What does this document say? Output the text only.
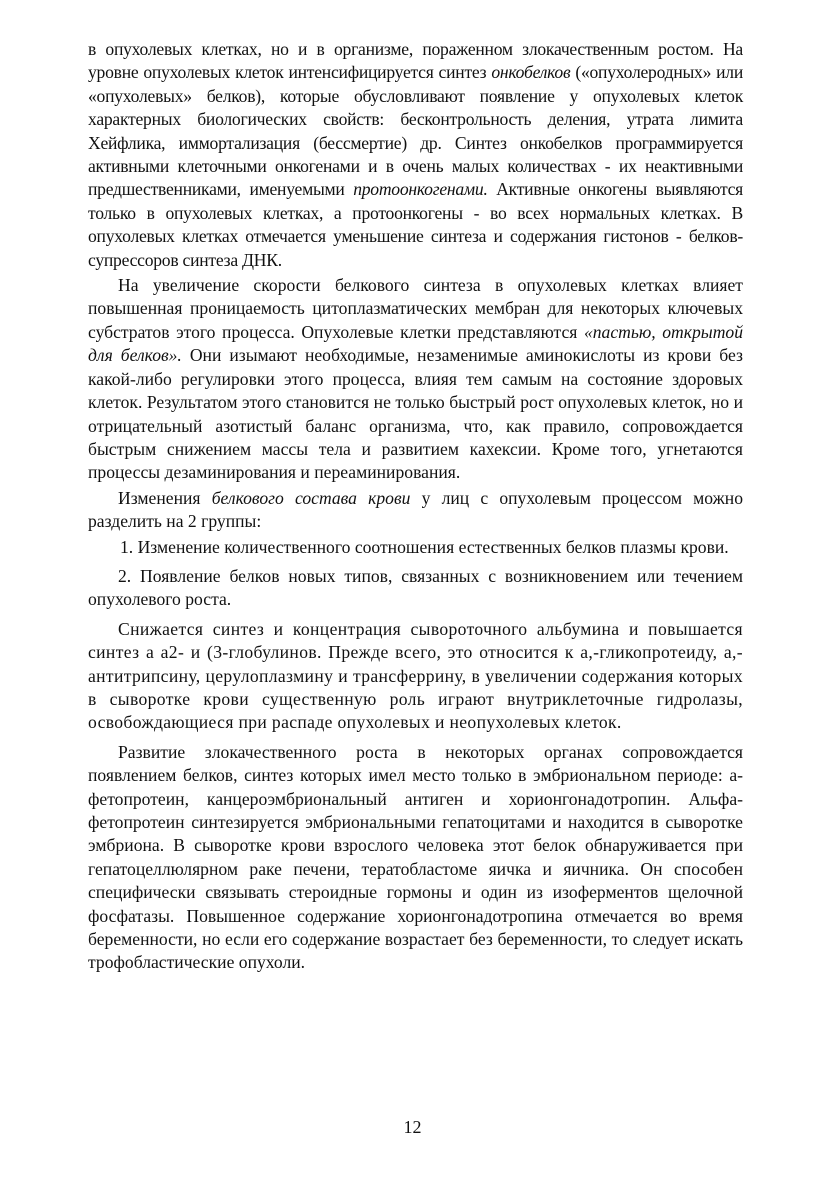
в опухолевых клетках, но и в организме, пораженном злокачественным ростом. На уровне опухолевых клеток интенсифицируется синтез онкобелков («опухолеродных» или «опухолевых» белков), которые обусловливают появление у опухолевых клеток характерных биологических свойств: бесконтрольность деления, утрата лимита Хейфлика, иммортализация (бессмертие) др. Синтез онкобелков программируется активными клеточными онкогенами и в очень малых количествах - их неактивными предшественниками, именуемыми протоонкогенами. Активные онкогены выявляются только в опухолевых клетках, а протоонкогены - во всех нормальных клетках. В опухолевых клетках отмечается уменьшение синтеза и содержания гистонов - белков-супрессоров синтеза ДНК.

На увеличение скорости белкового синтеза в опухолевых клетках влияет повышенная проницаемость цитоплазматических мембран для некоторых ключевых субстратов этого процесса. Опухолевые клетки представляются «пастью, открытой для белков». Они изымают необходимые, незаменимые аминокислоты из крови без какой-либо регулировки этого процесса, влияя тем самым на состояние здоровых клеток. Результатом этого становится не только быстрый рост опухолевых клеток, но и отрицательный азотистый баланс организма, что, как правило, сопровождается быстрым снижением массы тела и развитием кахексии. Кроме того, угнетаются процессы дезаминирования и переаминирования.

Изменения белкового состава крови у лиц с опухолевым процессом можно разделить на 2 группы:

1. Изменение количественного соотношения естественных белков плазмы крови.

2. Появление белков новых типов, связанных с возникновением или течением опухолевого роста.

Снижается синтез и концентрация сывороточного альбумина и повышается синтез а а2- и (3-глобулинов. Прежде всего, это относится к а,-гликопротеиду, а,-антитрипсину, церулоплазмину и трансферрину, в увеличении содержания которых в сыворотке крови существенную роль играют внутриклеточные гидролазы, освобождающиеся при распаде опухолевых и неопухолевых клеток.

Развитие злокачественного роста в некоторых органах сопровождается появлением белков, синтез которых имел место только в эмбриональном периоде: а-фетопротеин, канцероэмбриональный антиген и хорионгонадотропин. Альфа-фетопротеин синтезируется эмбриональными гепатоцитами и находится в сыворотке эмбриона. В сыворотке крови взрослого человека этот белок обнаруживается при гепатоцеллюлярном раке печени, тератобластоме яичка и яичника. Он способен специфически связывать стероидные гормоны и один из изоферментов щелочной фосфатазы. Повышенное содержание хорионгонадотропина отмечается во время беременности, но если его содержание возрастает без беременности, то следует искать трофобластические опухоли.

12
